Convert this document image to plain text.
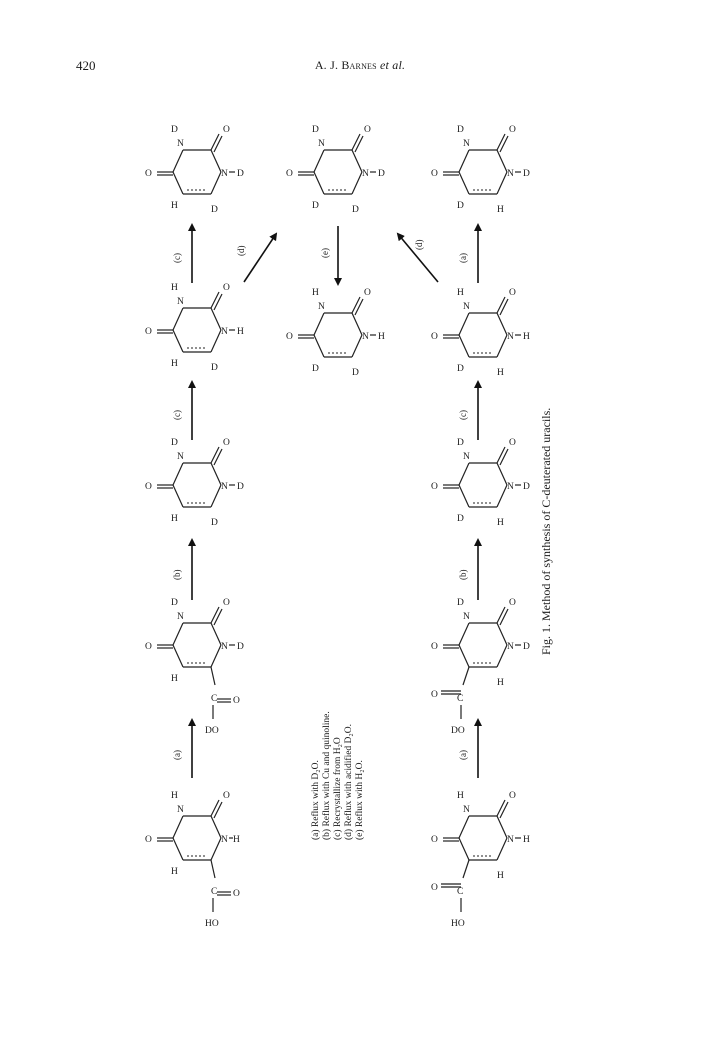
420	A. J. Barnes et al.
O
N
O
N H
H
H
C O
HO
(a)
O
N
D	O
N D
H
C O
DO
(b)
O
N
D	O
N D
H	D
(c)
O
N
H	O
N H
H	D
(c)
O
N
D	O
N D
H	D
(d)
O
N
D	O
N D
D	D
(e)
O
N
H	O
N H
D	D
(d)
O
N
H	O
N H
H
C
O
HO
(a)
O
N
D	O
N D
H
C
O
DO
(b)
O
N
D	O
N D
D	H
(c)
O
N
H	O
N H
D	H
(a)
O
N
D	O
N D
D	H
(a) Reflux with D₂O. (b) Reflux with Cu and quinoline. (c) Recrystallize from H₂O (d) Reflux with acidified D₂O. (e) Reflux with H₂O.
Fig. 1. Method of synthesis of C-deuterated uracils.
